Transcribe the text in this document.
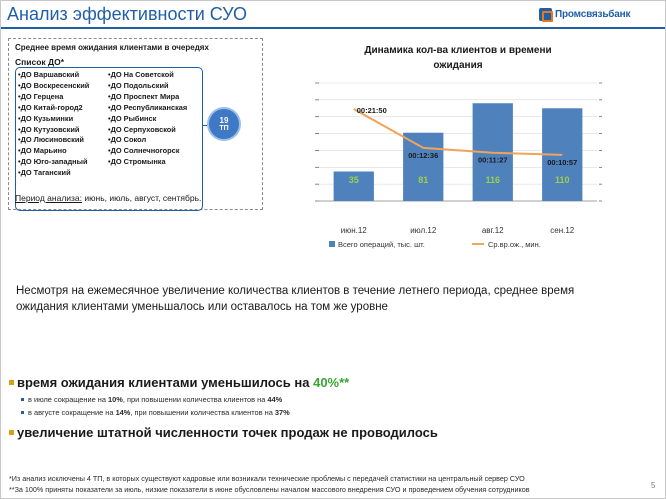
Анализ эффективности СУО	Промсвязьбанк
Среднее время ожидания клиентами в очередях
Список ДО*
•ДО Варшавский
•ДО Воскресенский
•ДО Герцена
•ДО Китай-город2
•ДО Кузьминки
•ДО Кутузовский
•ДО Люсиновский
•ДО Марьино
•ДО Юго-западный
•ДО Таганский
•ДО На Советской
•ДО Подольский
•ДО Проспект Мира
•ДО Республиканская
•ДО Рыбинск
•ДО Серпуховской
•ДО Сокол
•ДО Солнечногорск
•ДО Стромынка
19
ТП
Период анализа: июнь, июль, август, сентябрь.
Динамика кол-ва клиентов и времени
ожидания
35
июн.12
81
июл.12
116
авг.12
110
сен.12
00:21:50
00:12:36
00:11:27	00:10:57
Всего операций, тыс. шт.	Ср.вр.ож., мин.
Несмотря на ежемесячное увеличение количества клиентов в течение летнего периода, среднее время ожидания клиентами уменьшалось или оставалось на том же уровне
время ожидания клиентами уменьшилось на 40%**
в июле сокращение на 10%, при повышении количества клиентов на 44%
в августе сокращение на 14%, при повышении количества клиентов на 37%
увеличение штатной численности точек продаж не проводилось
*Из анализ исключены 4 ТП, в которых существуют кадровые или возникали технические проблемы с передачей статистики на центральный сервер СУО
**За 100% приняты показатели за июль, низкие показатели в июне обусловлены началом массового внедрения СУО и проведением обучения сотрудников	5
